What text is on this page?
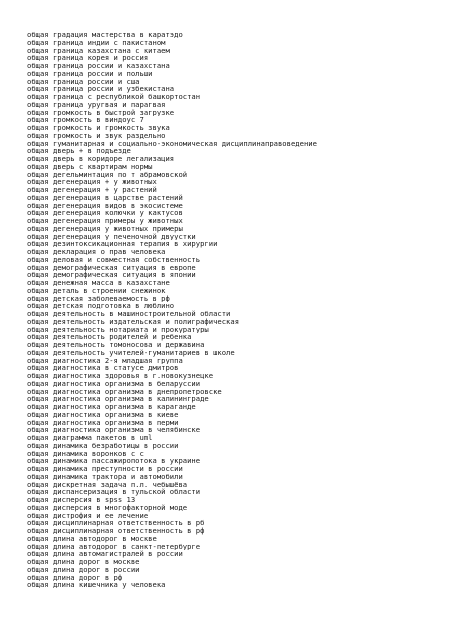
общая градация мастерства в каратэдо
общая граница индии с пакистаном
общая граница казахстана с китаем
общая граница корея и россия
общая граница россии и казахстана
общая граница россии и польши
общая граница россии и сша
общая граница россии и узбекистана
общая граница с республикой башкортостан
общая граница уругвая и парагвая
общая громкость в быстрой загрузке
общая громкость в виндоус 7
общая громкость и громкость звука
общая громкость и звук раздельно
общая гуманитарная и социально-экономическая дисциплинаправоведение
общая дверь + в подъезде
общая дверь в коридоре легализация
общая дверь с квартирам нормы
общая дегельминтация по т абрамовской
общая дегенерация + у животных
общая дегенерация + у растений
общая дегенерация в царстве растений
общая дегенерация видов в экосистеме
общая дегенерация колючки у кактусов
общая дегенерация примеры у животных
общая дегенерация у животных примеры
общая дегенерация у печеночной двуустки
общая дезинтоксикационная терапия в хирургии
общая декларация о прав человека
общая деловая и совместная собственность
общая демографическая ситуация в европе
общая демографическая ситуация в японии
общая денежная масса в казахстане
общая деталь в строении снежинок
общая детская заболеваемость в рф
общая детская подготовка в люблино
общая деятельность в машиностроительной области
общая деятельность издательская и полиграфическая
общая деятельность нотариата и прокуратуры
общая деятельность родителей и ребенка
общая деятельность томоносова и державина
общая деятельность учителей-гуманитариев в школе
общая диагностика 2-я младшая группа
общая диагностика в статусе дмитров
общая диагностика здоровья в г.новокузнецке
общая диагностика организма в беларуссии
общая диагностика организма в днепропетровске
общая диагностика организма в калининграде
общая диагностика организма в караганде
общая диагностика организма в киеве
общая диагностика организма в перми
общая диагностика организма в челябинске
общая диаграмма пакетов в uml
общая динамика безработицы в россии
общая динамика воронков с с
общая динамика пассажиропотока в украине
общая динамика преступности в россии
общая динамика трактора и автомобили
общая дискретная задача п.л. чебышёва
общая диспансеризация в тульской области
общая дисперсия в spss 13
общая дисперсия в многофакторной моде
общая дистрофия и ее лечение
общая дисциплинарная ответственность в рб
общая дисциплинарная ответственность в рф
общая длина автодорог в москве
общая длина автодорог в санкт-петербурге
общая длина автомагистралей в россии
общая длина дорог в москве
общая длина дорог в россии
общая длина дорог в рф
общая длина кишечника у человека
